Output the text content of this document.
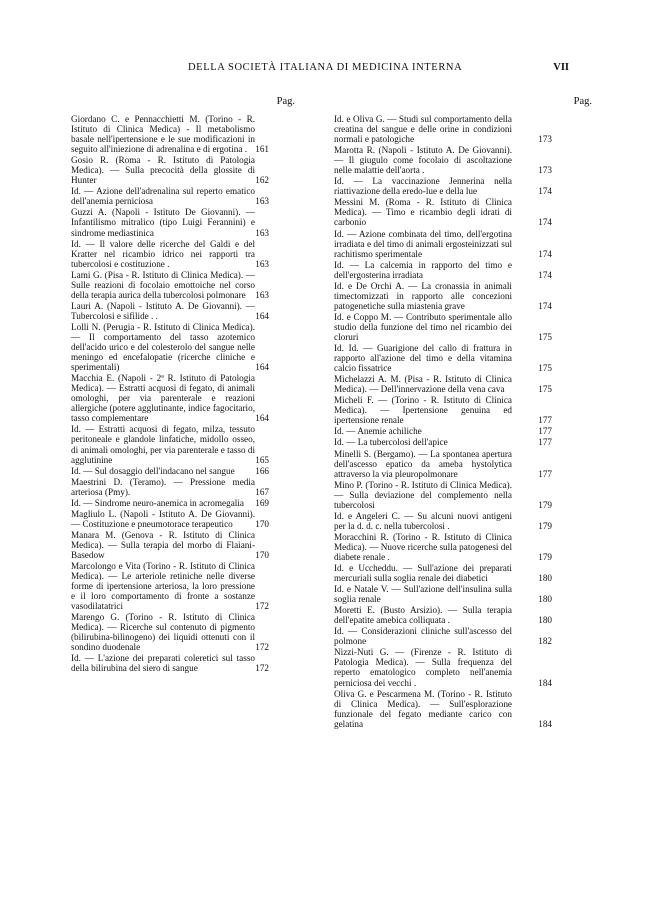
DELLA SOCIETÀ ITALIANA DI MEDICINA INTERNA	VII
Pag.
Giordano C. e Pennacchietti M. (Torino - R. Istituto di Clinica Medica) - Il metabolismo basale nell'ipertensione e le sue modificazioni in seguito all'iniezione di adrenalina e di ergotina . 161
Gosio R. (Roma - R. Istituto di Patologia Medica). — Sulla precocità della glossite di Hunter	162
Id. — Azione dell'adrenalina sul reperto ematico dell'anemia perniciosa	163
Guzzi A. (Napoli - Istituto De Giovanni). — Infantilismo mitralico (tipo Luigi Ferannini) e sindrome mediastinica	163
Id. — Il valore delle ricerche del Galdi e del Kratter nel ricambio idrico nei rapporti tra tubercolosi e costituzione .	163
Lami G. (Pisa - R. Istituto di Clinica Medica). — Sulle reazioni di focolaio emottoiche nel corso della terapia aurica della tubercolosi polmonare	163
Lauri A. (Napoli - Istituto A. De Giovanni). — Tubercolosi e sifilide . .	164
Lolli N. (Perugia - R. Istituto di Clinica Medica). — Il comportamento del tasso azotemico dell'acido urico e del colesterolo del sangue nelle meningo ed encefalopatie (ricerche cliniche e sperimentali)	164
Macchia E. (Napoli - 2ª R. Istituto di Patologia Medica). — Estratti acquosi di fegato, di animali omologhi, per via parenterale e reazioni allergiche (potere agglutinante, indice fagocitario, tasso complementare	164
Id. — Estratti acquosi di fegato, milza, tessuto peritoneale e glandole linfatiche, midollo osseo, di animali omologhi, per via parenterale e tasso di agglutinine	165
Id. — Sul dosaggio dell'indacano nel sangue	166
Maestrini D. (Teramo). — Pressione media arteriosa (Pmy).	167
Id. — Sindrome neuro-anemica in acromegalia	169
Magliulo L. (Napoli - Istituto A. De Giovanni). — Costituzione e pneumotorace terapeutico	170
Manara M. (Genova - R. Istituto di Clinica Medica). — Sulla terapia del morbo di Flaiani-Basedow	170
Marcolongo e Vita (Torino - R. Istituto di Clinica Medica). — Le arteriole retiniche nelle diverse forme di ipertensione arteriosa, la loro pressione e il loro comportamento di fronte a sostanze vasodilatatrici	172
Marengo G. (Torino - R. Istituto di Clinica Medica). — Ricerche sul contenuto di pigmento (bilirubina-bilinogeno) dei liquidi ottenuti con il sondino duodenale	172
Id. — L'azione dei preparati coleretici sul tasso della bilirubina del siero di sangue	172
Pag.
Id. e Oliva G. — Studi sul comportamento della creatina del sangue e delle orine in condizioni normali e patologiche	173
Marotta R. (Napoli - Istituto A. De Giovanni). — Il giugulo come focolaio di ascoltazione nelle malattie dell'aorta .	173
Id. — La vaccinazione Jennerina nella riattivazione della eredo-lue e della lue	174
Messini M. (Roma - R. Istituto di Clinica Medica). — Timo e ricambio degli idrati di carbonio	174
Id. — Azione combinata del timo, dell'ergotina irradiata e del timo di animali ergosteinizzati sul rachitismo sperimentale	174
Id. — La calcemia in rapporto del timo e dell'ergosterina irradiata	174
Id. e De Orchi A. — La cronassia in animali timectomizzati in rapporto alle concezioni patogenetiche sulla miastenia grave	174
Id. e Coppo M. — Contributo sperimentale allo studio della funzione del timo nel ricambio dei cloruri	175
Id. Id. — Guarigione del callo di frattura in rapporto all'azione del timo e della vitamina calcio fissatrice	175
Michelazzi A. M. (Pisa - R. Istituto di Clinica Medica). — Dell'innervazione della vena cava	175
Micheli F. — (Torino - R. Istituto di Clinica Medica). — Ipertensione genuina ed ipertensione renale	177
Id. — Anemie achiliche	177
Id. — La tubercolosi dell'apice	177
Minelli S. (Bergamo). — La spontanea apertura dell'ascesso epatico da ameba hystolytica attraverso la via pleuropolmonare	177
Mino P. (Torino - R. Istituto di Clinica Medica). — Sulla deviazione del complemento nella tubercolosi	179
Id. e Angeleri C. — Su alcuni nuovi antigeni per la d. d. c. nella tubercolosi .	179
Moracchini R. (Torino - R. Istituto di Clinica Medica). — Nuove ricerche sulla patogenesi del diabete renale .	179
Id. e Uccheddu. — Sull'azione dei preparati mercuriali sulla soglia renale dei diabetici	180
Id. e Natale V. — Sull'azione dell'insulina sulla soglia renale	180
Moretti E. (Busto Arsizio). — Sulla terapia dell'epatite amebica colliquata .	180
Id. — Considerazioni cliniche sull'ascesso del polmone	182
Nizzi-Nuti G. — (Firenze - R. Istituto di Patologia Medica). — Sulla frequenza del reperto ematologico completo nell'anemia perniciosa dei vecchi .	184
Oliva G. e Pescarmena M. (Torino - R. Istituto di Clinica Medica). — Sull'esplorazione funzionale del fegato mediante carico con gelatina	184
